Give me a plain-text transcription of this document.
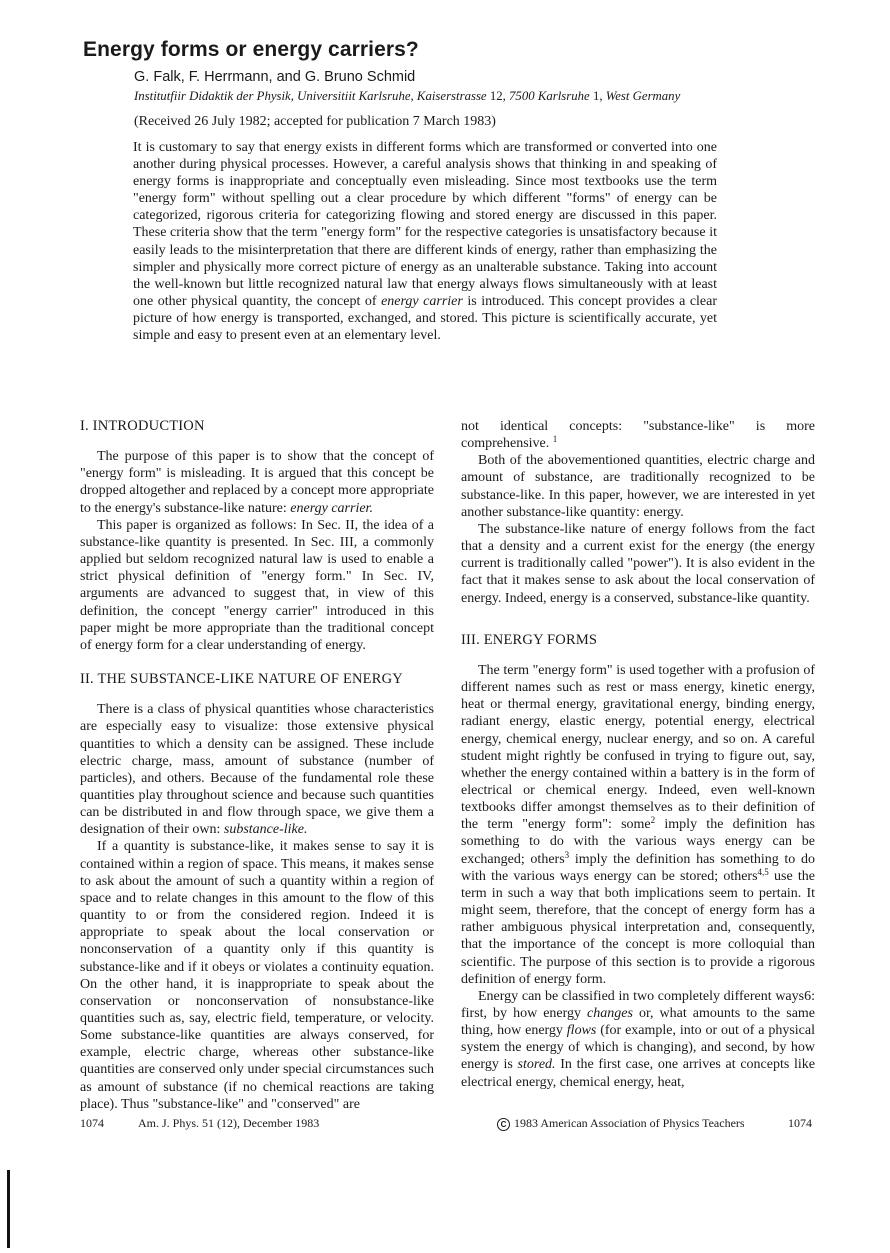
Energy forms or energy carriers?
G. Falk, F. Herrmann, and G. Bruno Schmid
Institutfiir Didaktik der Physik, Universitiit Karlsruhe, Kaiserstrasse 12, 7500 Karlsruhe 1, West Germany
(Received 26 July 1982; accepted for publication 7 March 1983)
It is customary to say that energy exists in different forms which are transformed or converted into one another during physical processes. However, a careful analysis shows that thinking in and speaking of energy forms is inappropriate and conceptually even misleading. Since most textbooks use the term "energy form" without spelling out a clear procedure by which different "forms" of energy can be categorized, rigorous criteria for categorizing flowing and stored energy are discussed in this paper. These criteria show that the term "energy form" for the respective categories is unsatisfactory because it easily leads to the misinterpretation that there are different kinds of energy, rather than emphasizing the simpler and physically more correct picture of energy as an unalterable substance. Taking into account the well-known but little recognized natural law that energy always flows simultaneously with at least one other physical quantity, the concept of energy carrier is introduced. This concept provides a clear picture of how energy is transported, exchanged, and stored. This picture is scientifically accurate, yet simple and easy to present even at an elementary level.
I. INTRODUCTION

The purpose of this paper is to show that the concept of "energy form" is misleading. It is argued that this concept be dropped altogether and replaced by a concept more appropriate to the energy's substance-like nature: energy carrier.

This paper is organized as follows: In Sec. II, the idea of a substance-like quantity is presented. In Sec. III, a commonly applied but seldom recognized natural law is used to enable a strict physical definition of "energy form." In Sec. IV, arguments are advanced to suggest that, in view of this definition, the concept "energy carrier" introduced in this paper might be more appropriate than the traditional concept of energy form for a clear understanding of energy.

II. THE SUBSTANCE-LIKE NATURE OF ENERGY

There is a class of physical quantities whose characteristics are especially easy to visualize: those extensive physical quantities to which a density can be assigned. These include electric charge, mass, amount of substance (number of particles), and others. Because of the fundamental role these quantities play throughout science and because such quantities can be distributed in and flow through space, we give them a designation of their own: substance-like.

If a quantity is substance-like, it makes sense to say it is contained within a region of space. This means, it makes sense to ask about the amount of such a quantity within a region of space and to relate changes in this amount to the flow of this quantity to or from the considered region. Indeed it is appropriate to speak about the local conservation or nonconservation of a quantity only if this quantity is substance-like and if it obeys or violates a continuity equation. On the other hand, it is inappropriate to speak about the conservation or nonconservation of nonsubstance-like quantities such as, say, electric field, temperature, or velocity. Some substance-like quantities are always conserved, for example, electric charge, whereas other substance-like quantities are conserved only under special circumstances such as amount of substance (if no chemical reactions are taking place). Thus "substance-like" and "conserved" are

not identical concepts: "substance-like" is more comprehensive. $^1$

Both of the abovementioned quantities, electric charge and amount of substance, are traditionally recognized to be substance-like. In this paper, however, we are interested in yet another substance-like quantity: energy.

The substance-like nature of energy follows from the fact that a density and a current exist for the energy (the energy current is traditionally called "power"). It is also evident in the fact that it makes sense to ask about the local conservation of energy. Indeed, energy is a conserved, substance-like quantity.

III. ENERGY FORMS

The term "energy form" is used together with a profusion of different names such as rest or mass energy, kinetic energy, heat or thermal energy, gravitational energy, binding energy, radiant energy, elastic energy, potential energy, electrical energy, chemical energy, nuclear energy, and so on. A careful student might rightly be confused in trying to figure out, say, whether the energy contained within a battery is in the form of electrical or chemical energy. Indeed, even well-known textbooks differ amongst themselves as to their definition of the term "energy form": some$^2$ imply the definition has something to do with the various ways energy can be exchanged; others$^3$ imply the definition has something to do with the various ways energy can be stored; others$^{4,5}$ use the term in such a way that both implications seem to pertain. It might seem, therefore, that the concept of energy form has a rather ambiguous physical interpretation and, consequently, that the importance of the concept is more colloquial than scientific. The purpose of this section is to provide a rigorous definition of energy form.

Energy can be classified in two completely different ways6: first, by how energy changes or, what amounts to the same thing, how energy flows (for example, into or out of a physical system the energy of which is changing), and second, by how energy is stored. In the first case, one arrives at concepts like electrical energy, chemical energy, heat,

1074	Am. J. Phys. 51 (12), December 1983	C 1983 American Association of Physics Teachers	1074
